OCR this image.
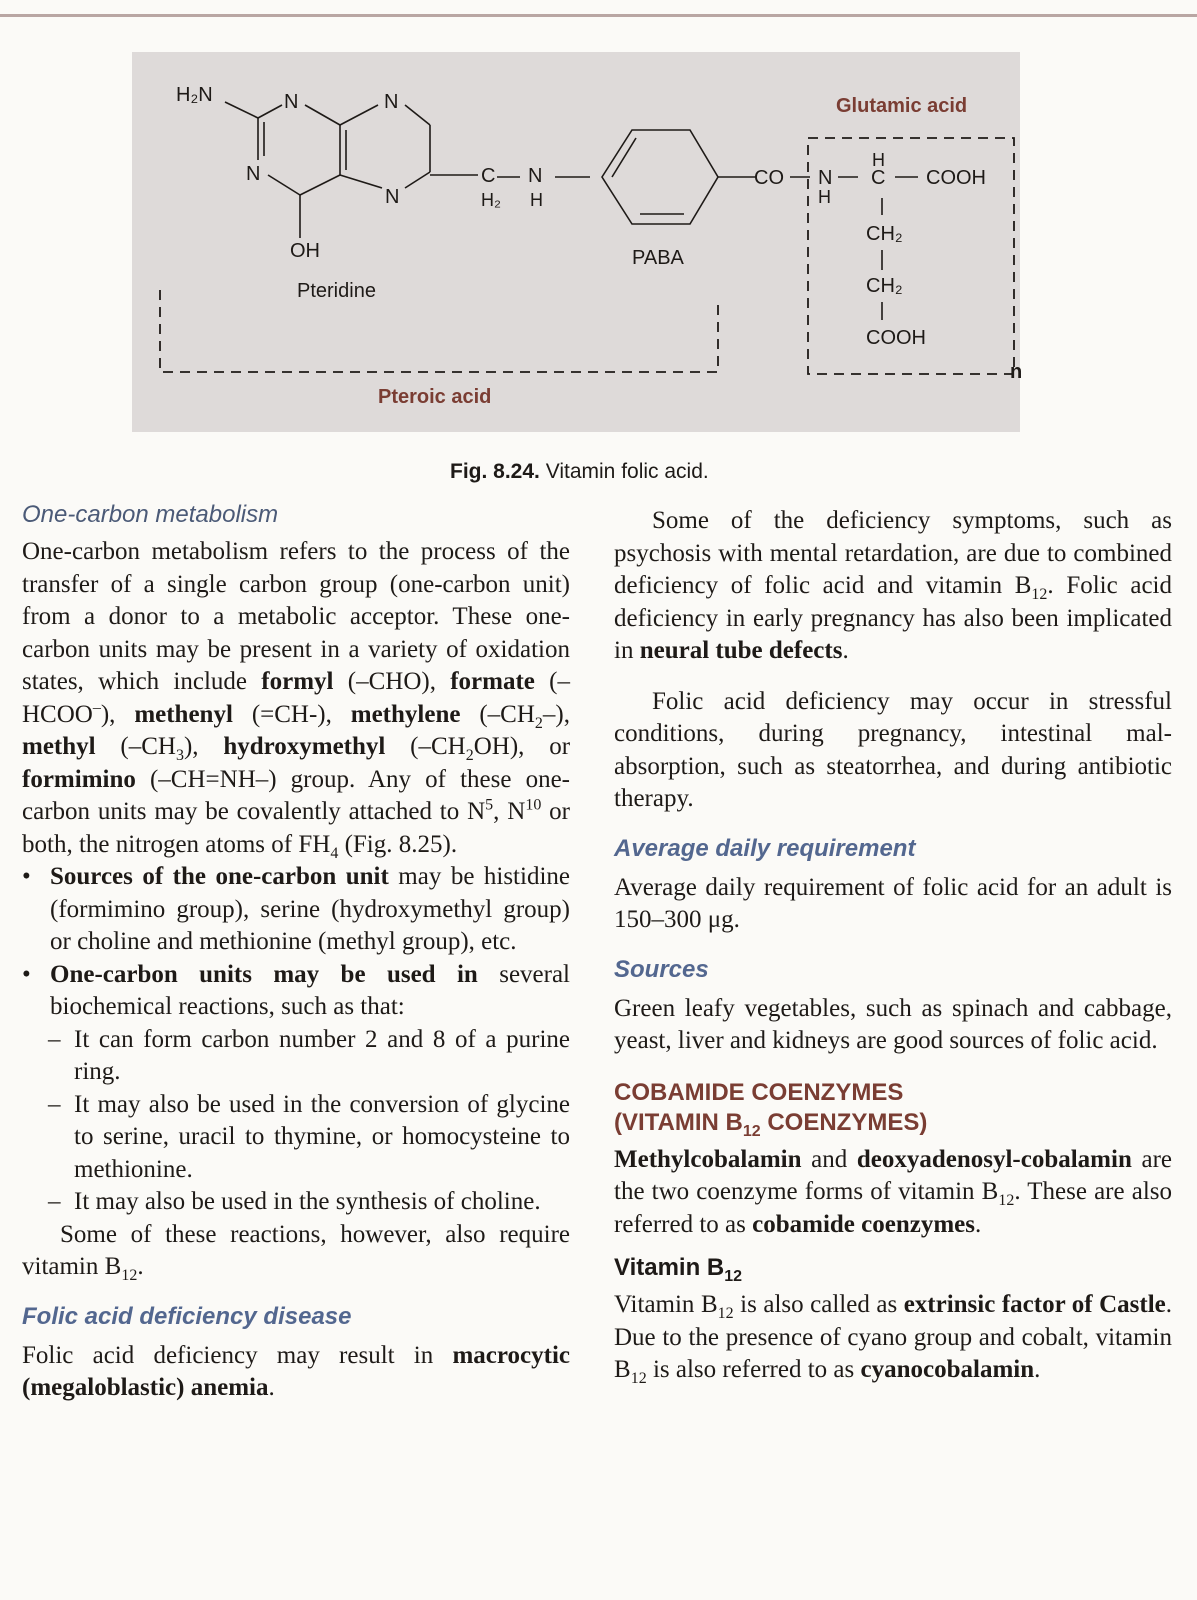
H₂N	N	N
N
N
OH
C
H₂
N
H
CO N
H
H
C COOH
CH₂
CH₂
COOH
n
Pteridine
PABA
Glutamic acid
Pteroic acid
Fig. 8.24. Vitamin folic acid.
One-carbon metabolism

One-carbon metabolism refers to the process of the transfer of a single carbon group (one-carbon unit) from a donor to a metabolic acceptor. These one-carbon units may be present in a variety of oxidation states, which include formyl (–CHO), formate (–HCOO–), methenyl (=CH-), methylene $(-CH_2-)$, methyl $(-CH_3)$, hydroxymethyl $(-CH_2OH)$, or formimino (–CH=NH–) group. Any of these one-carbon units may be covalently attached to $N^5$, $N^{10}$ or both, the nitrogen atoms of $FH_4$ (Fig. 8.25).

• Sources of the one-carbon unit may be histidine (formimino group), serine (hydroxymethyl group) or choline and methionine (methyl group), etc.
• One-carbon units may be used in several biochemical reactions, such as that:
– It can form carbon number 2 and 8 of a purine ring.
– It may also be used in the conversion of glycine to serine, uracil to thymine, or homocysteine to methionine.
– It may also be used in the synthesis of choline.

Some of these reactions, however, also require vitamin $B_{12}$.

Folic acid deficiency disease

Folic acid deficiency may result in macrocytic (megaloblastic) anemia.

Some of the deficiency symptoms, such as psychosis with mental retardation, are due to combined deficiency of folic acid and vitamin $B_{12}$. Folic acid deficiency in early pregnancy has also been implicated in neural tube defects.

Folic acid deficiency may occur in stressful conditions, during pregnancy, intestinal mal-absorption, such as steatorrhea, and during antibiotic therapy.

Average daily requirement

Average daily requirement of folic acid for an adult is 150–300 μg.

Sources

Green leafy vegetables, such as spinach and cabbage, yeast, liver and kidneys are good sources of folic acid.

COBAMIDE COENZYMES
(VITAMIN $B_{12}$ COENZYMES)

Methylcobalamin and deoxyadenosyl-cobalamin are the two coenzyme forms of vitamin $B_{12}$. These are also referred to as cobamide coenzymes.

Vitamin $B_{12}$

Vitamin $B_{12}$ is also called as extrinsic factor of Castle. Due to the presence of cyano group and cobalt, vitamin $B_{12}$ is also referred to as cyanocobalamin.
